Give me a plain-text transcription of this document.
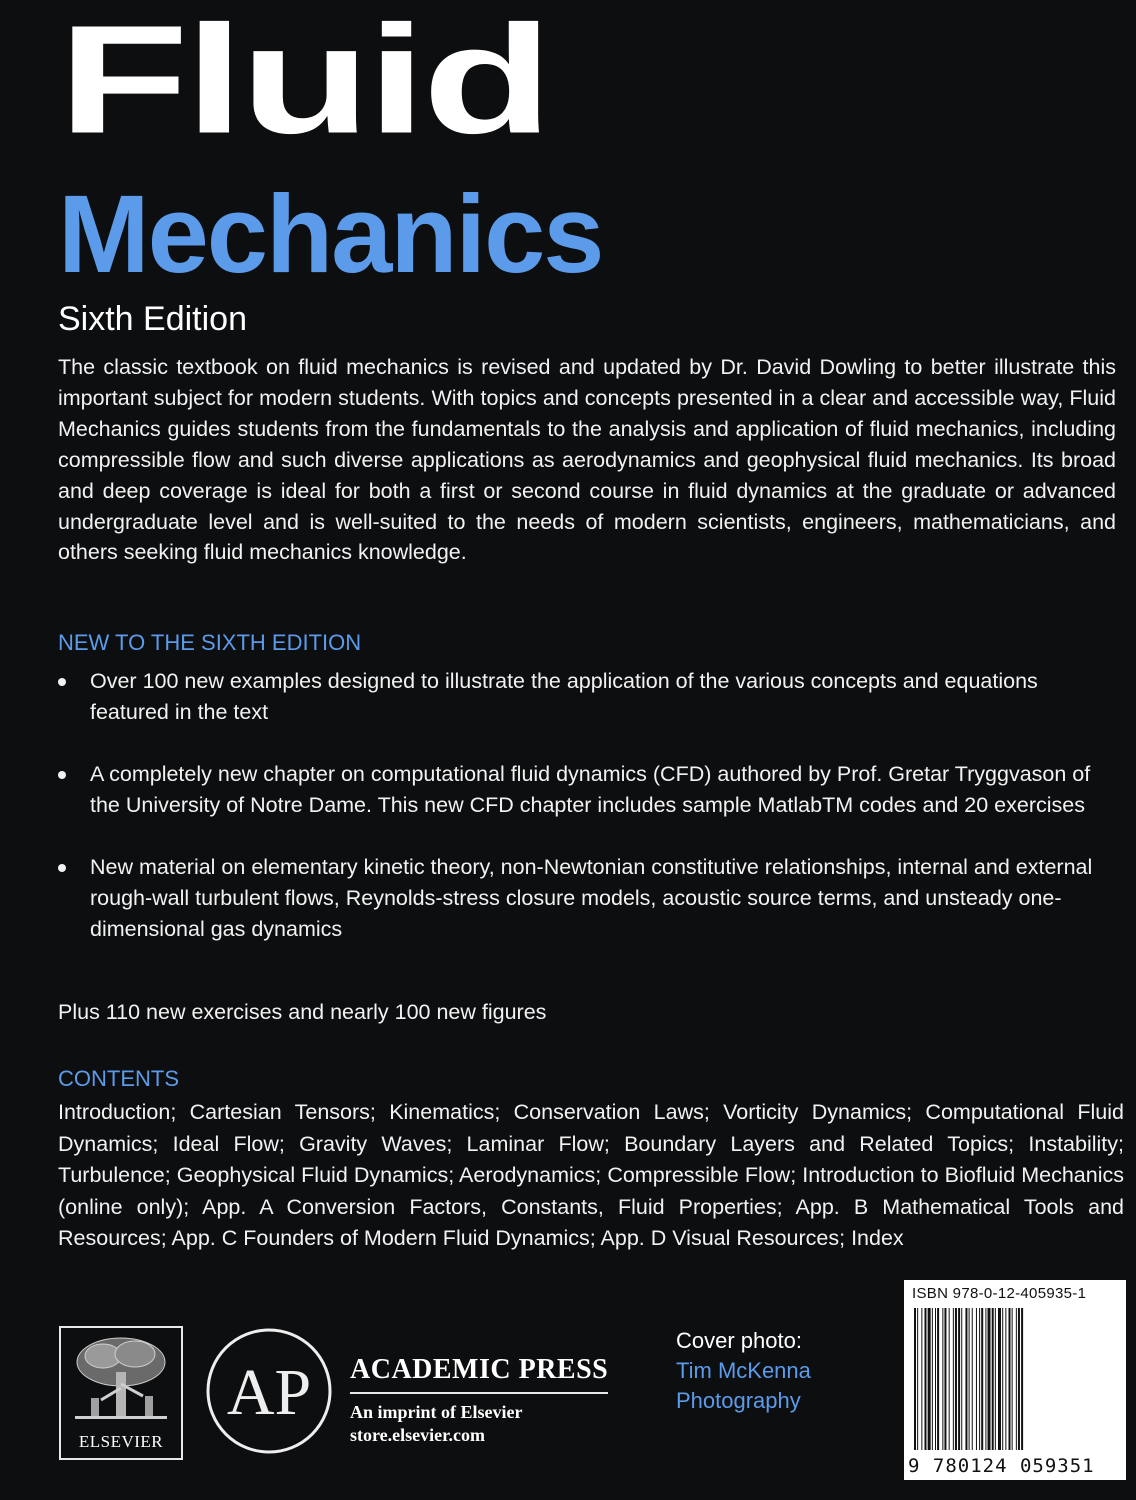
Fluid
Mechanics

Sixth Edition

The classic textbook on fluid mechanics is revised and updated by Dr. David Dowling to better illustrate this important subject for modern students. With topics and concepts presented in a clear and accessible way, Fluid Mechanics guides students from the fundamentals to the analysis and application of fluid mechanics, including compressible flow and such diverse applications as aerodynamics and geophysical fluid mechanics. Its broad and deep coverage is ideal for both a first or second course in fluid dynamics at the graduate or advanced undergraduate level and is well-suited to the needs of modern scientists, engineers, mathematicians, and others seeking fluid mechanics knowledge.

NEW TO THE SIXTH EDITION

Over 100 new examples designed to illustrate the application of the various concepts and equations featured in the text
A completely new chapter on computational fluid dynamics (CFD) authored by Prof. Gretar Tryggvason of the University of Notre Dame. This new CFD chapter includes sample MatlabTM codes and 20 exercises
New material on elementary kinetic theory, non-Newtonian constitutive relationships, internal and external rough-wall turbulent flows, Reynolds-stress closure models, acoustic source terms, and unsteady one-dimensional gas dynamics

Plus 110 new exercises and nearly 100 new figures

CONTENTS

Introduction; Cartesian Tensors; Kinematics; Conservation Laws; Vorticity Dynamics; Computational Fluid Dynamics; Ideal Flow; Gravity Waves; Laminar Flow; Boundary Layers and Related Topics; Instability; Turbulence; Geophysical Fluid Dynamics; Aerodynamics; Compressible Flow; Introduction to Biofluid Mechanics (online only); App. A Conversion Factors, Constants, Fluid Properties; App. B Mathematical Tools and Resources; App. C Founders of Modern Fluid Dynamics; App. D Visual Resources; Index

ELSEVIER
AP ACADEMIC PRESS

An imprint of Elsevier

store.elsevier.com

Cover photo:

Tim McKenna

Photography

ISBN 978-0-12-405935-1
9 780124 059351
